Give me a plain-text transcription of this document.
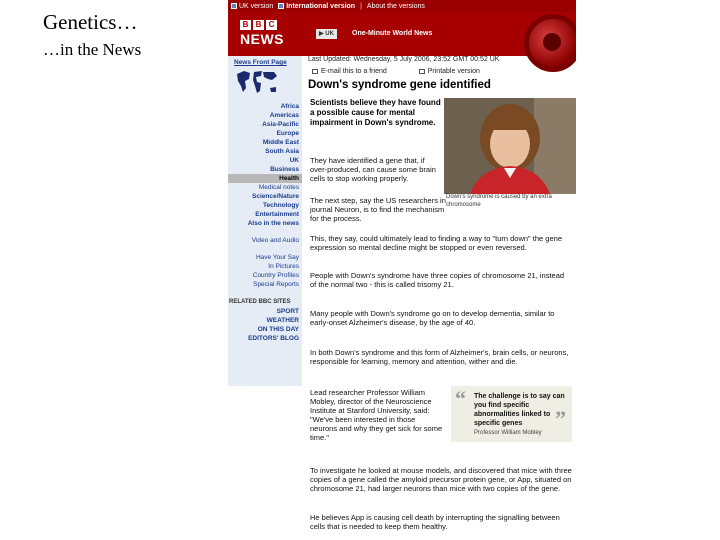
Genetics…
…in the News
UK version International version | About the versions
B B C
NEWS	▶ UK	One-Minute World News
News Front Page
Africa
Americas
Asia-Pacific
Europe
Middle East
South Asia
UK
Business
Health
Medical notes
Science/Nature
Technology
Entertainment
Also in the news
Video and Audio
Have Your Say
In Pictures
Country Profiles
Special Reports
RELATED BBC SITES
SPORT
WEATHER
ON THIS DAY
EDITORS' BLOG
Last Updated: Wednesday, 5 July 2006, 23:52 GMT 00:52 UK
E-mail this to a friend	Printable version
Down's syndrome gene identified
Scientists believe they have found a possible cause for mental impairment in Down's syndrome.
Down's syndrome is caused by an extra chromosome
They have identified a gene that, if over-produced, can cause some brain cells to stop working properly.
The next step, say the US researchers in journal Neuron, is to find the mechanism for the process.
This, they say, could ultimately lead to finding a way to "turn down" the gene expression so mental decline might be stopped or even reversed.
People with Down's syndrome have three copies of chromosome 21, instead of the normal two - this is called trisomy 21.
Many people with Down's syndrome go on to develop dementia, similar to early-onset Alzheimer's disease, by the age of 40.
In both Down's syndrome and this form of Alzheimer's, brain cells, or neurons, responsible for learning, memory and attention, wither and die.
Lead researcher Professor William Mobley, director of the Neuroscience Institute at Stanford University, said: "We've been interested in those neurons and why they get sick for some time."
“ The challenge is to say can you find specific abnormalities linked to specific genes	”
Professor William Mobley
To investigate he looked at mouse models, and discovered that mice with three copies of a gene called the amyloid precursor protein gene, or App, situated on chromosome 21, had larger neurons than mice with two copies of the gene.
He believes App is causing cell death by interrupting the signalling between cells that is needed to keep them healthy.
